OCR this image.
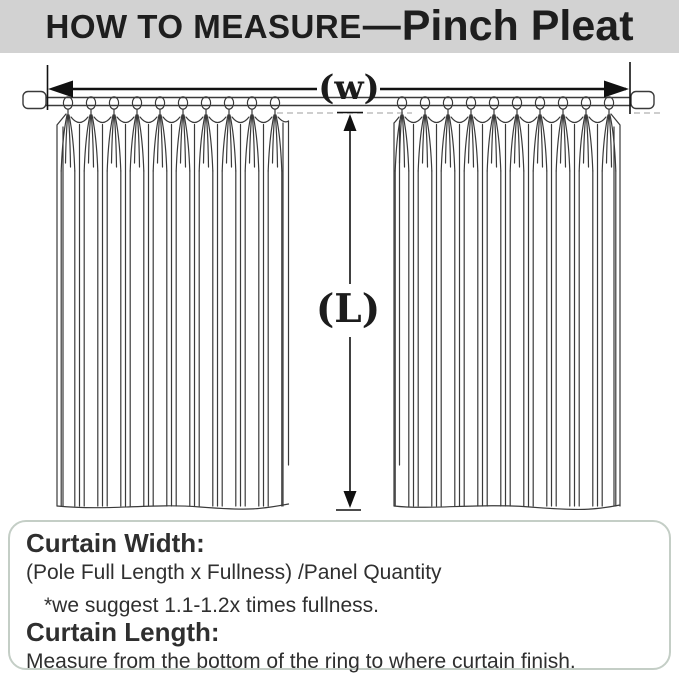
HOW TO MEASURE — Pinch Pleat
(w)
(L)
Curtain Width:
(Pole Full Length x Fullness) /Panel Quantity
*we suggest 1.1-1.2x times fullness.
Curtain Length:
Measure from the bottom of the ring to where curtain finish.
